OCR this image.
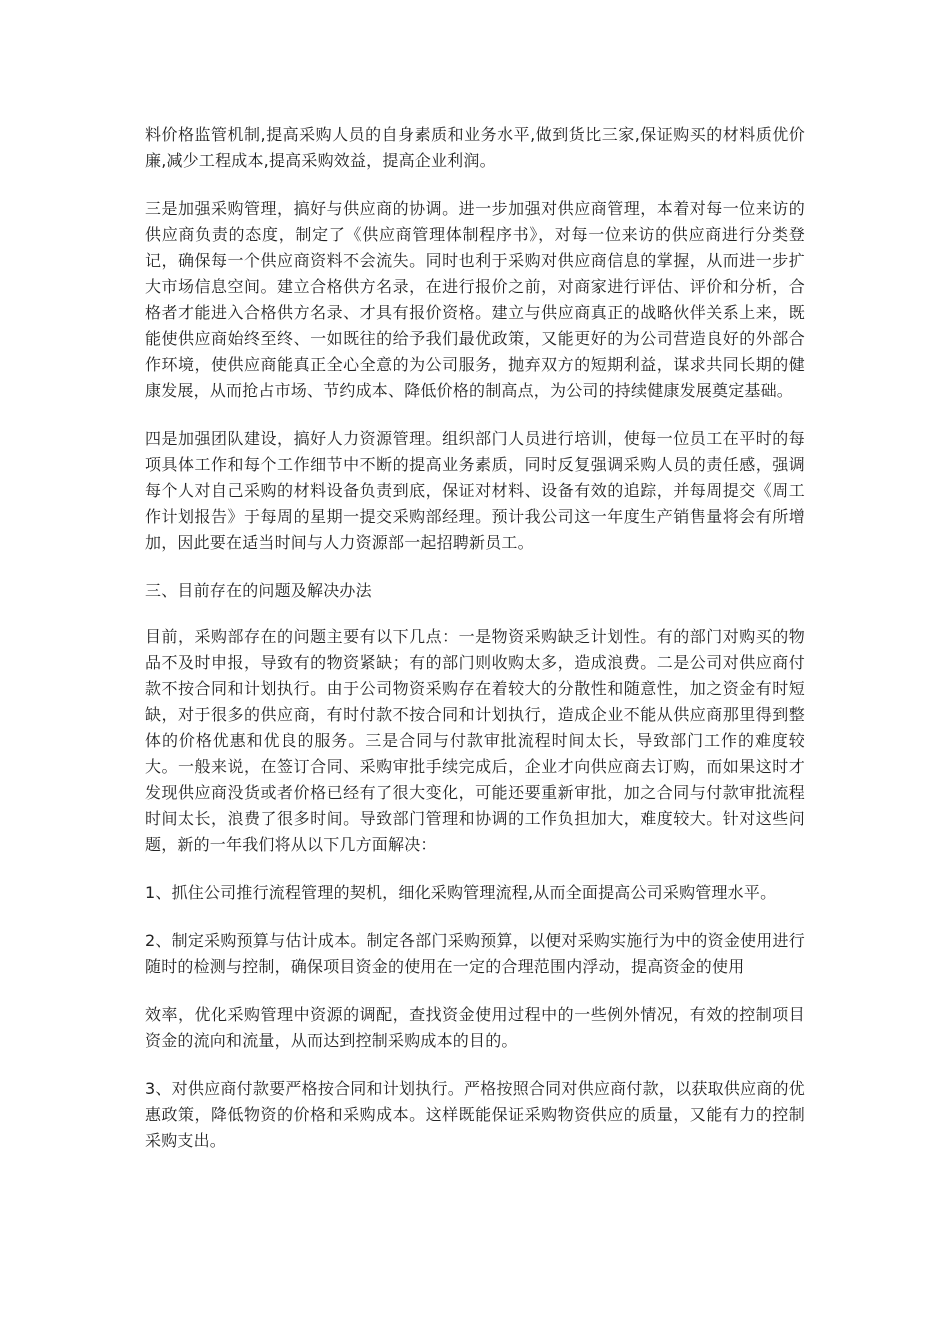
料价格监管机制,提高采购人员的自身素质和业务水平,做到货比三家,保证购买的材料质优价廉,减少工程成本,提高采购效益，提高企业利润。

三是加强采购管理，搞好与供应商的协调。进一步加强对供应商管理，本着对每一位来访的供应商负责的态度，制定了《供应商管理体制程序书》，对每一位来访的供应商进行分类登记，确保每一个供应商资料不会流失。同时也利于采购对供应商信息的掌握，从而进一步扩大市场信息空间。建立合格供方名录，在进行报价之前，对商家进行评估、评价和分析，合格者才能进入合格供方名录、才具有报价资格。建立与供应商真正的战略伙伴关系上来，既能使供应商始终至终、一如既往的给予我们最优政策，又能更好的为公司营造良好的外部合作环境，使供应商能真正全心全意的为公司服务，抛弃双方的短期利益，谋求共同长期的健康发展，从而抢占市场、节约成本、降低价格的制高点，为公司的持续健康发展奠定基础。

四是加强团队建设，搞好人力资源管理。组织部门人员进行培训，使每一位员工在平时的每项具体工作和每个工作细节中不断的提高业务素质，同时反复强调采购人员的责任感，强调每个人对自己采购的材料设备负责到底，保证对材料、设备有效的追踪，并每周提交《周工作计划报告》于每周的星期一提交采购部经理。预计我公司这一年度生产销售量将会有所增加，因此要在适当时间与人力资源部一起招聘新员工。

三、目前存在的问题及解决办法

目前，采购部存在的问题主要有以下几点：一是物资采购缺乏计划性。有的部门对购买的物品不及时申报，导致有的物资紧缺；有的部门则收购太多，造成浪费。二是公司对供应商付款不按合同和计划执行。由于公司物资采购存在着较大的分散性和随意性，加之资金有时短缺，对于很多的供应商，有时付款不按合同和计划执行，造成企业不能从供应商那里得到整体的价格优惠和优良的服务。三是合同与付款审批流程时间太长，导致部门工作的难度较大。一般来说，在签订合同、采购审批手续完成后，企业才向供应商去订购，而如果这时才发现供应商没货或者价格已经有了很大变化，可能还要重新审批，加之合同与付款审批流程时间太长，浪费了很多时间。导致部门管理和协调的工作负担加大，难度较大。针对这些问题，新的一年我们将从以下几方面解决：

1、抓住公司推行流程管理的契机，细化采购管理流程,从而全面提高公司采购管理水平。

2、制定采购预算与估计成本。制定各部门采购预算，以便对采购实施行为中的资金使用进行随时的检测与控制，确保项目资金的使用在一定的合理范围内浮动，提高资金的使用

效率，优化采购管理中资源的调配，查找资金使用过程中的一些例外情况，有效的控制项目资金的流向和流量，从而达到控制采购成本的目的。

3、对供应商付款要严格按合同和计划执行。严格按照合同对供应商付款，以获取供应商的优惠政策，降低物资的价格和采购成本。这样既能保证采购物资供应的质量，又能有力的控制采购支出。
